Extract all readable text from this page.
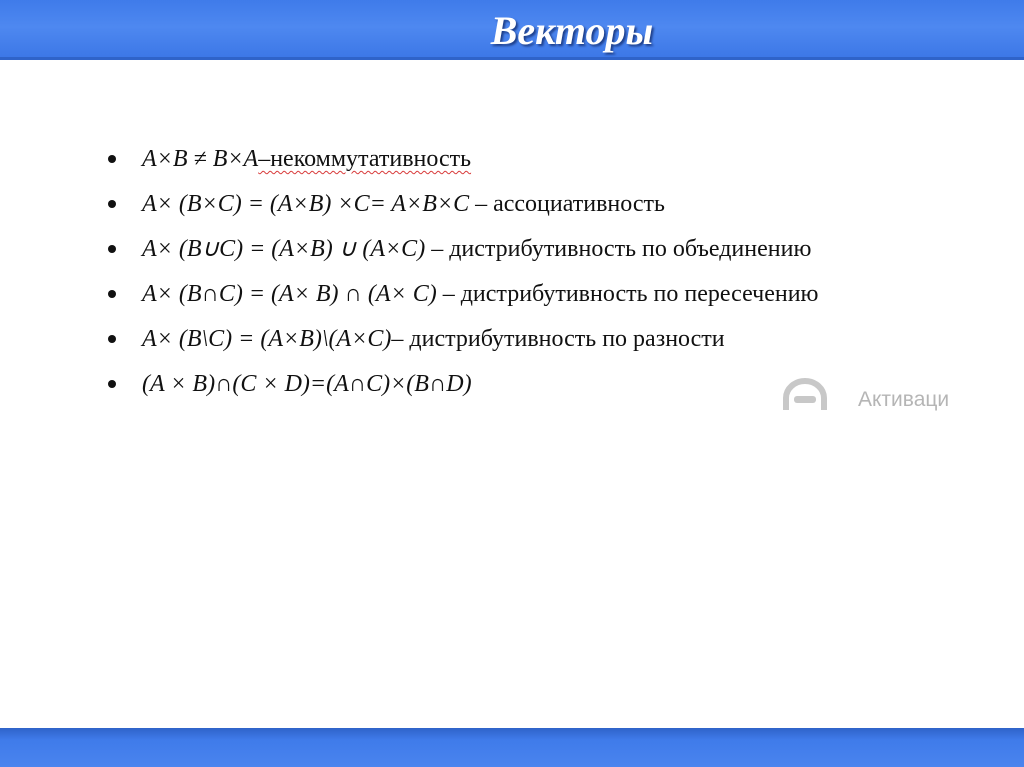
Векторы
A×B ≠ B×A–некоммутативность
A× (B×C) = (A×B) ×C= A×B×C – ассоциативность
A× (B∪C) = (A×B) ∪ (A×C) – дистрибутивность по объединению
A× (B∩C) = (A× B) ∩ (A× C) – дистрибутивность по пересечению
A× (B\C) = (A×B)\(A×C)– дистрибутивность по разности
(A × B)∩(C × D)=(A∩C)×(B∩D)
Активаци
